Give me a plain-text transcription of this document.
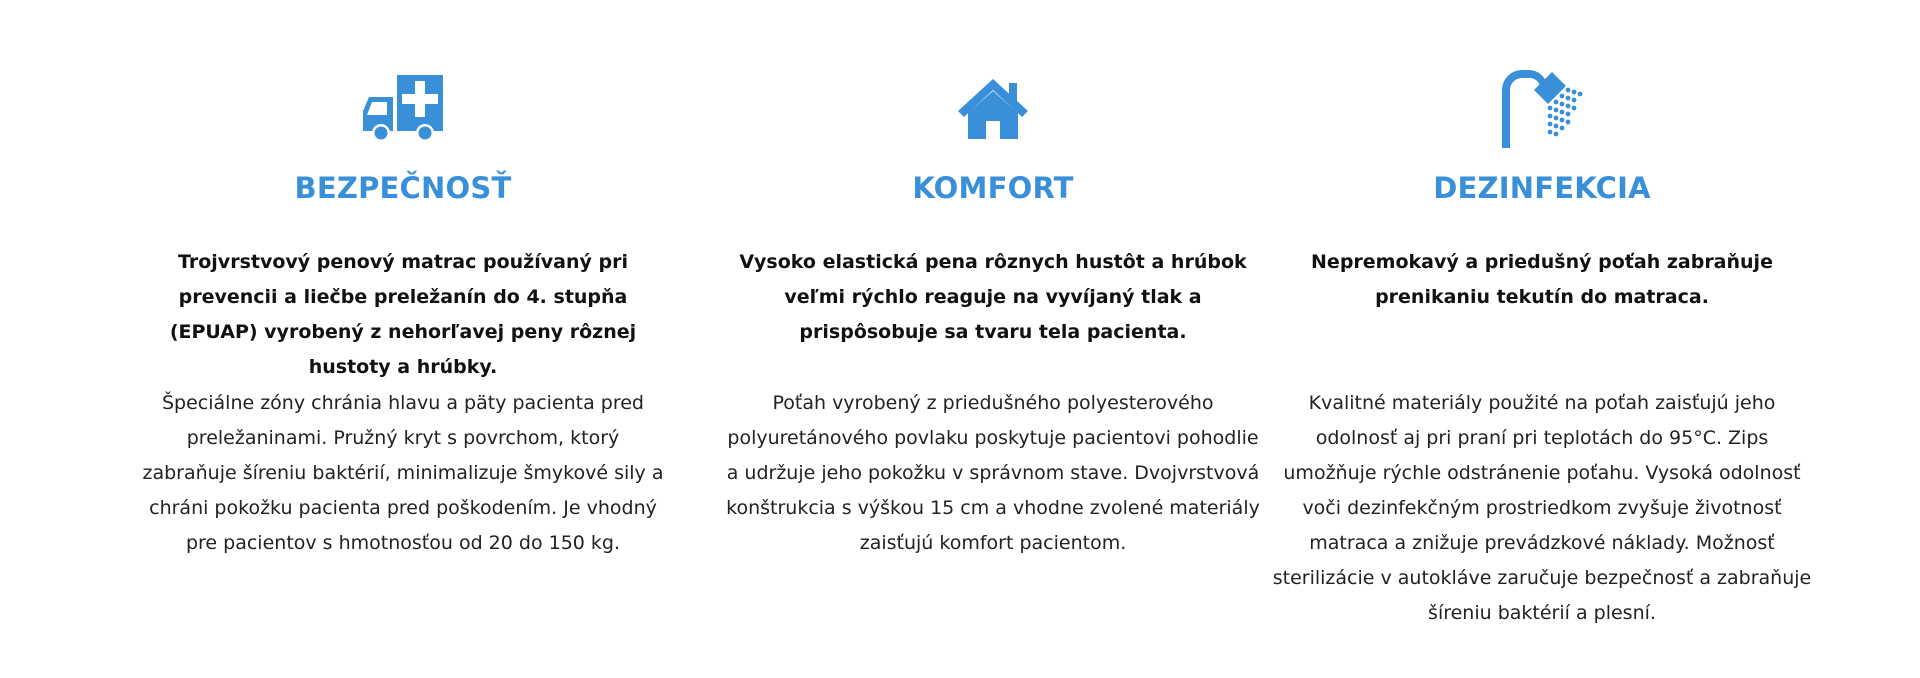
BEZPEČNOSŤ

Trojvrstvový penový matrac používaný pri prevencii a liečbe preležanín do 4. stupňa (EPUAP) vyrobený z nehorľavej peny rôznej hustoty a hrúbky.

Špeciálne zóny chránia hlavu a päty pacienta pred preležaninami. Pružný kryt s povrchom, ktorý zabraňuje šíreniu baktérií, minimalizuje šmykové sily a chráni pokožku pacienta pred poškodením. Je vhodný pre pacientov s hmotnosťou od 20 do 150 kg.

KOMFORT

Vysoko elastická pena rôznych hustôt a hrúbok veľmi rýchlo reaguje na vyvíjaný tlak a prispôsobuje sa tvaru tela pacienta.

Poťah vyrobený z priedušného polyesterového polyuretánového povlaku poskytuje pacientovi pohodlie a udržuje jeho pokožku v správnom stave. Dvojvrstvová konštrukcia s výškou 15 cm a vhodne zvolené materiály zaisťujú komfort pacientom.

DEZINFEKCIA

Nepremokavý a priedušný poťah zabraňuje prenikaniu tekutín do matraca.

Kvalitné materiály použité na poťah zaisťujú jeho odolnosť aj pri praní pri teplotách do 95°C. Zips umožňuje rýchle odstránenie poťahu. Vysoká odolnosť voči dezinfekčným prostriedkom zvyšuje životnosť matraca a znižuje prevádzkové náklady. Možnosť sterilizácie v autokláve zaručuje bezpečnosť a zabraňuje šíreniu baktérií a plesní.
